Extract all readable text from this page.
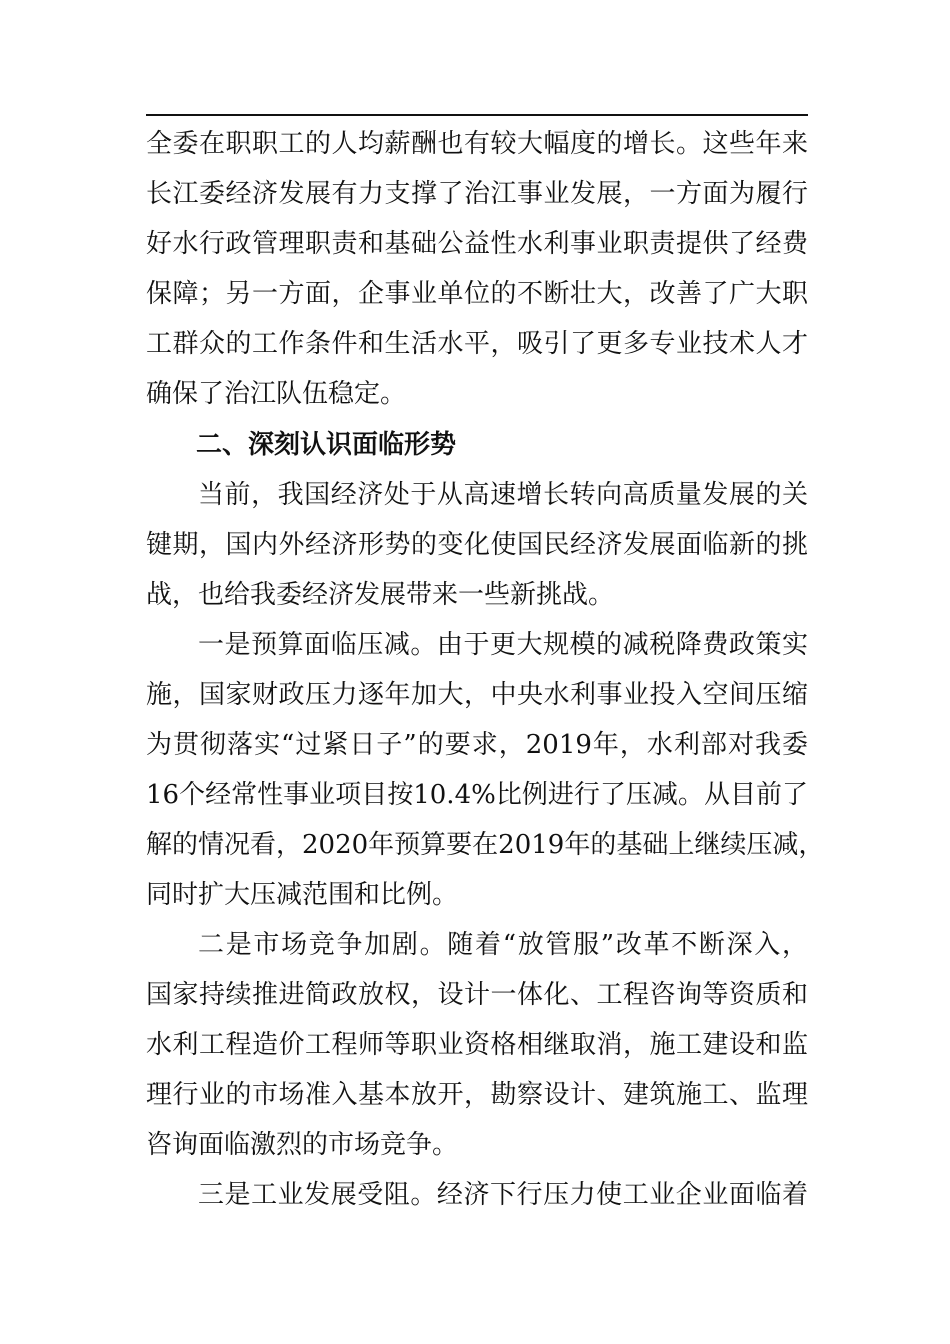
全委在职职工的人均薪酬也有较大幅度的增长。这些年来
长江委经济发展有力支撑了治江事业发展，一方面为履行
好水行政管理职责和基础公益性水利事业职责提供了经费
保障；另一方面，企事业单位的不断壮大，改善了广大职
工群众的工作条件和生活水平，吸引了更多专业技术人才
确保了治江队伍稳定。
二、深刻认识面临形势
当前，我国经济处于从高速增长转向高质量发展的关
键期，国内外经济形势的变化使国民经济发展面临新的挑
战，也给我委经济发展带来一些新挑战。
一是预算面临压减。由于更大规模的减税降费政策实
施，国家财政压力逐年加大，中央水利事业投入空间压缩
为贯彻落实“过紧日子”的要求，2019年，水利部对我委
16个经常性事业项目按10.4%比例进行了压减。从目前了
解的情况看，2020年预算要在2019年的基础上继续压减，
同时扩大压减范围和比例。
二是市场竞争加剧。随着“放管服”改革不断深入，
国家持续推进简政放权，设计一体化、工程咨询等资质和
水利工程造价工程师等职业资格相继取消，施工建设和监
理行业的市场准入基本放开，勘察设计、建筑施工、监理
咨询面临激烈的市场竞争。
三是工业发展受阻。经济下行压力使工业企业面临着
